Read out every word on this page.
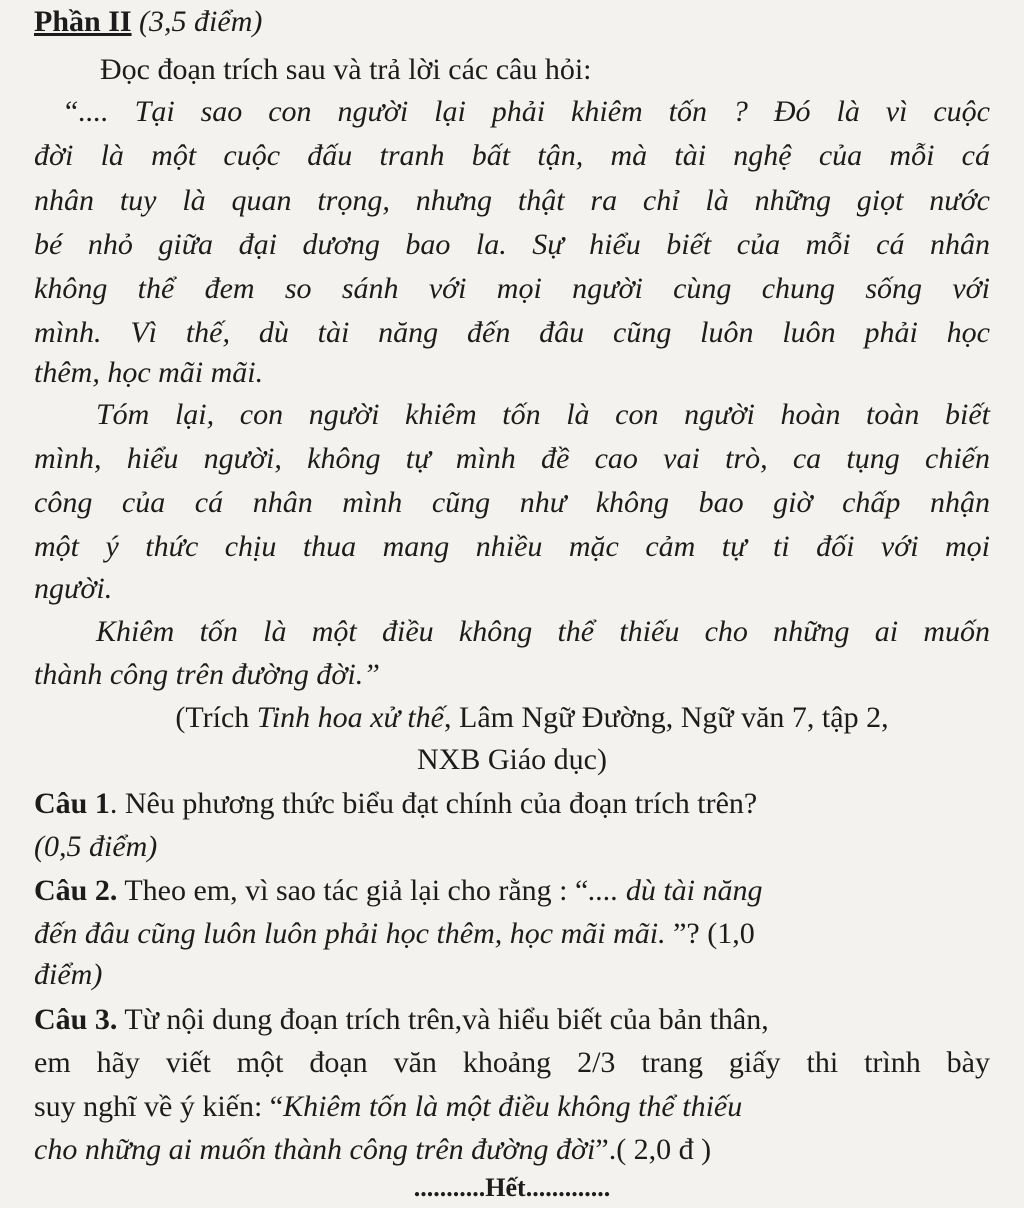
Phần II (3,5 điểm)
Đọc đoạn trích sau và trả lời các câu hỏi:
“.... Tại sao con người lại phải khiêm tốn ? Đó là vì cuộc
đời là một cuộc đấu tranh bất tận, mà tài nghệ của mỗi cá
nhân tuy là quan trọng, nhưng thật ra chỉ là những giọt nước
bé nhỏ giữa đại dương bao la. Sự hiểu biết của mỗi cá nhân
không thể đem so sánh với mọi người cùng chung sống với
mình. Vì thế, dù tài năng đến đâu cũng luôn luôn phải học
thêm, học mãi mãi.
Tóm lại, con người khiêm tốn là con người hoàn toàn biết
mình, hiểu người, không tự mình đề cao vai trò, ca tụng chiến
công của cá nhân mình cũng như không bao giờ chấp nhận
một ý thức chịu thua mang nhiều mặc cảm tự ti đối với mọi
người.
Khiêm tốn là một điều không thể thiếu cho những ai muốn
thành công trên đường đời.”
(Trích Tinh hoa xử thế, Lâm Ngữ Đường, Ngữ văn 7, tập 2,
NXB Giáo dục)
Câu 1. Nêu phương thức biểu đạt chính của đoạn trích trên?
(0,5 điểm)
Câu 2. Theo em, vì sao tác giả lại cho rằng : “.... dù tài năng
đến đâu cũng luôn luôn phải học thêm, học mãi mãi. ”? (1,0
điểm)
Câu 3. Từ nội dung đoạn trích trên,và hiểu biết của bản thân,
em hãy viết một đoạn văn khoảng 2/3 trang giấy thi trình bày
suy nghĩ về ý kiến: “Khiêm tốn là một điều không thể thiếu
cho những ai muốn thành công trên đường đời”.( 2,0 đ )
...........Hết.............
